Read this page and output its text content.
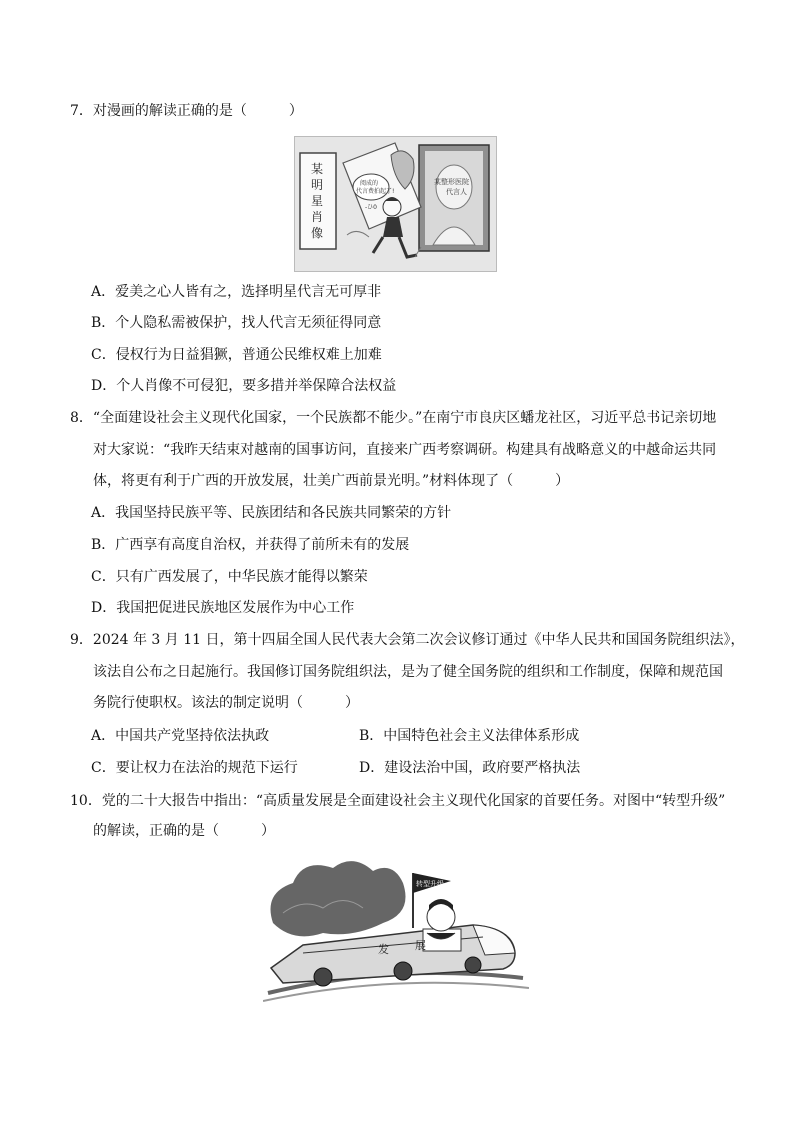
7．对漫画的解读正确的是（　　　）
某 明 星 肖 像
某整形医院
代言人
阅成的
代言费拍起了!
-ひ0
A．爱美之心人皆有之，选择明星代言无可厚非
B．个人隐私需被保护，找人代言无须征得同意
C．侵权行为日益猖獗，普通公民维权难上加难
D．个人肖像不可侵犯，要多措并举保障合法权益
8．“全面建设社会主义现代化国家，一个民族都不能少。”在南宁市良庆区蟠龙社区，习近平总书记亲切地
对大家说：“我昨天结束对越南的国事访问，直接来广西考察调研。构建具有战略意义的中越命运共同
体，将更有利于广西的开放发展，壮美广西前景光明。”材料体现了（　　　）
A．我国坚持民族平等、民族团结和各民族共同繁荣的方针
B．广西享有高度自治权，并获得了前所未有的发展
C．只有广西发展了，中华民族才能得以繁荣
D．我国把促进民族地区发展作为中心工作
9．2024 年 3 月 11 日，第十四届全国人民代表大会第二次会议修订通过《中华人民共和国国务院组织法》，
该法自公布之日起施行。我国修订国务院组织法，是为了健全国务院的组织和工作制度，保障和规范国
务院行使职权。该法的制定说明（　　　）
A．中国共产党坚持依法执政	B．中国特色社会主义法律体系形成
C．要让权力在法治的规范下运行	D．建设法治中国，政府要严格执法
10．党的二十大报告中指出：“高质量发展是全面建设社会主义现代化国家的首要任务。对图中“转型升级”
的解读，正确的是（　　　）
转型升级
发 展
